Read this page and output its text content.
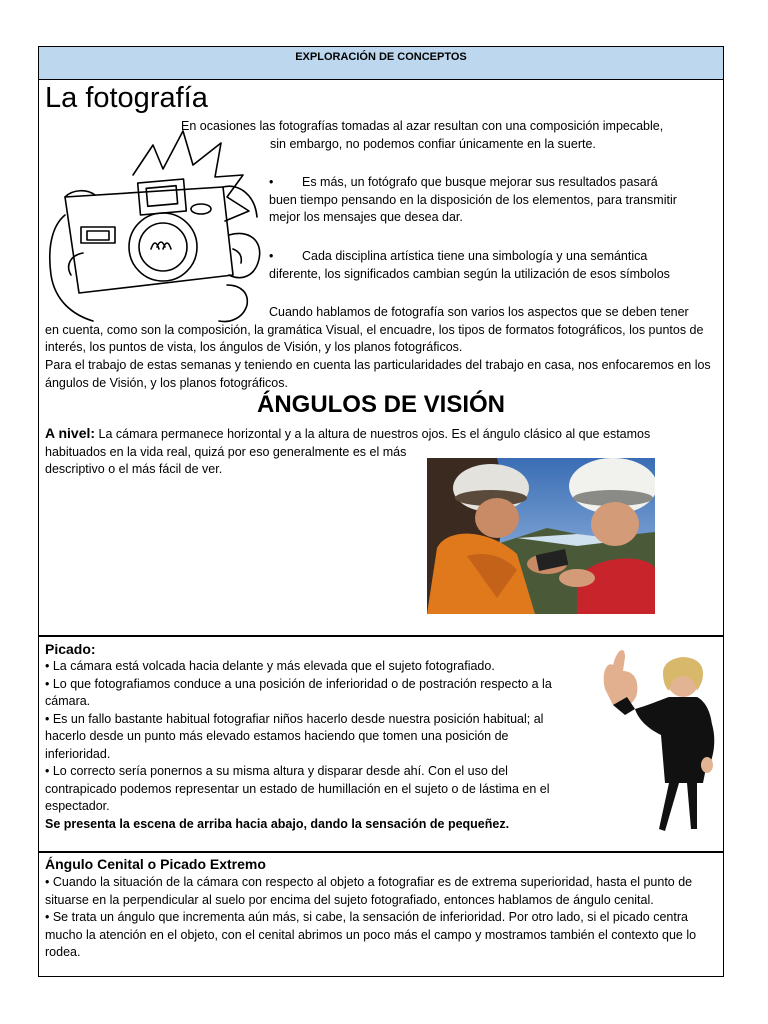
EXPLORACIÓN DE CONCEPTOS
La fotografía
En ocasiones las fotografías tomadas al azar resultan con una composición impecable,
sin embargo, no podemos confiar únicamente en la suerte.
• Es más, un fotógrafo que busque mejorar sus resultados pasará
buen tiempo pensando en la disposición de los elementos, para transmitir mejor los mensajes que desea dar.
• Cada disciplina artística tiene una simbología y una semántica
diferente, los significados cambian según la utilización de esos símbolos
Cuando hablamos de fotografía son varios los aspectos que se deben tener
en cuenta, como son la composición, la gramática Visual, el encuadre, los tipos de formatos fotográficos, los puntos de interés, los puntos de vista, los ángulos de Visión, y los planos fotográficos.
Para el trabajo de estas semanas y teniendo en cuenta las particularidades del trabajo en casa, nos enfocaremos en los ángulos de Visión, y los planos fotográficos.
ÁNGULOS DE VISIÓN
A nivel: La cámara permanece horizontal y a la altura de nuestros ojos. Es el ángulo clásico al que estamos
habituados en la vida real, quizá por eso generalmente es el más
descriptivo o el más fácil de ver.
Picado:
• La cámara está volcada hacia delante y más elevada que el sujeto fotografiado.
• Lo que fotografiamos conduce a una posición de inferioridad o de postración respecto a la cámara.
• Es un fallo bastante habitual fotografiar niños hacerlo desde nuestra posición habitual; al hacerlo desde un punto más elevado estamos haciendo que tomen una posición de inferioridad.
• Lo correcto sería ponernos a su misma altura y disparar desde ahí. Con el uso del contrapicado podemos representar un estado de humillación en el sujeto o de lástima en el espectador.
Se presenta la escena de arriba hacia abajo, dando la sensación de pequeñez.
Ángulo Cenital o Picado Extremo
• Cuando la situación de la cámara con respecto al objeto a fotografiar es de extrema superioridad, hasta el punto de situarse en la perpendicular al suelo por encima del sujeto fotografiado, entonces hablamos de ángulo cenital.
• Se trata un ángulo que incrementa aún más, si cabe, la sensación de inferioridad. Por otro lado, si el picado centra mucho la atención en el objeto, con el cenital abrimos un poco más el campo y mostramos también el contexto que lo rodea.
